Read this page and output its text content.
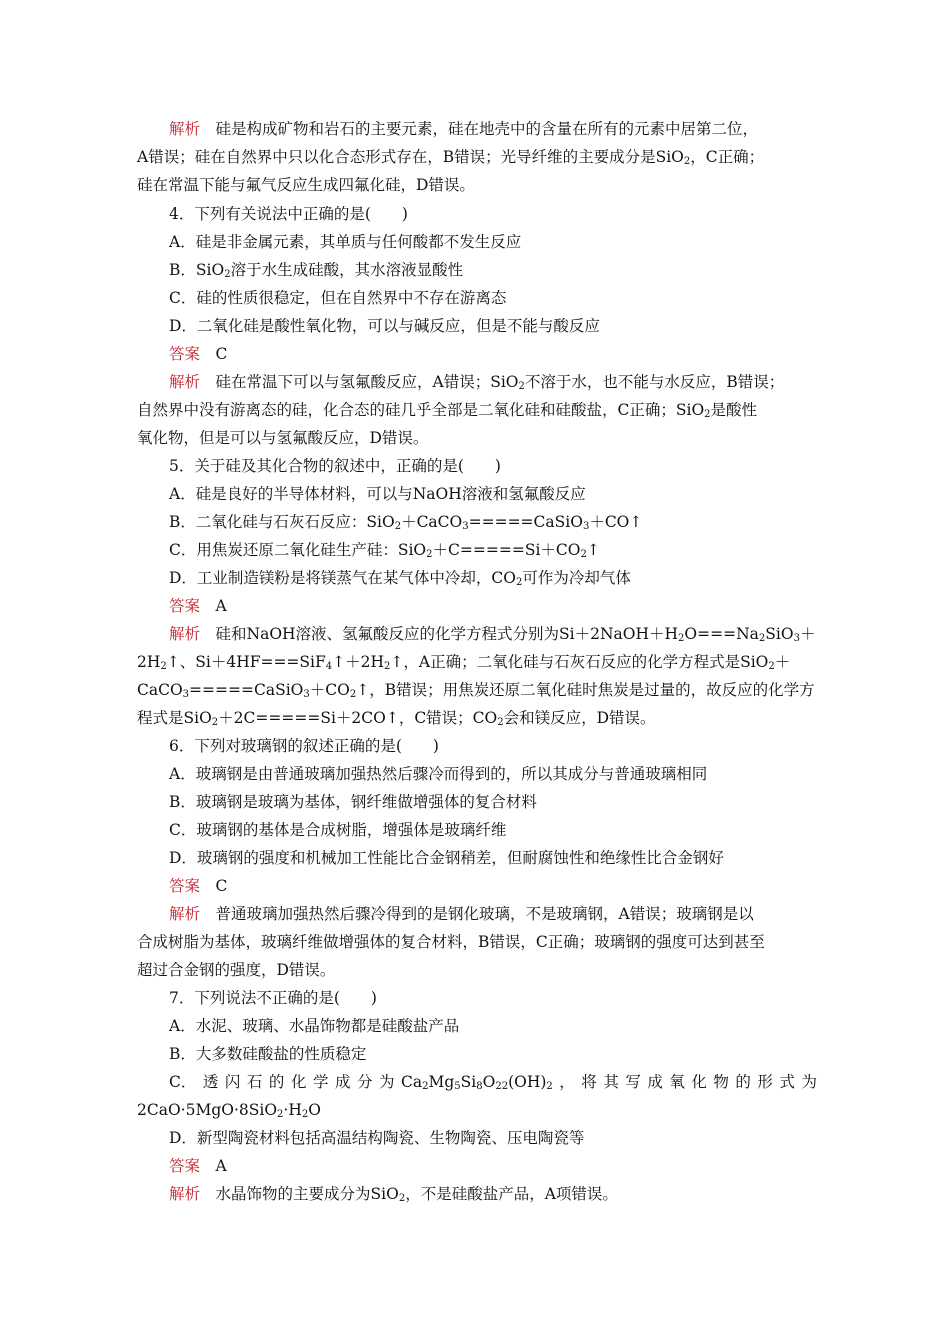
解析　 硅是构成矿物和岩石的主要元素，硅在地壳中的含量在所有的元素中居第二位，
A错误；硅在自然界中只以化合态形式存在，B错误；光导纤维的主要成分是SiO$_2$，C正确；
硅在常温下能与氟气反应生成四氟化硅，D错误。
4．下列有关说法中正确的是(　　)
A．硅是非金属元素，其单质与任何酸都不发生反应
B．SiO$_2$溶于水生成硅酸，其水溶液显酸性
C．硅的性质很稳定，但在自然界中不存在游离态
D．二氧化硅是酸性氧化物，可以与碱反应，但是不能与酸反应
答案　 C
解析　 硅在常温下可以与氢氟酸反应，A错误；SiO$_2$不溶于水，也不能与水反应，B错误；
自然界中没有游离态的硅，化合态的硅几乎全部是二氧化硅和硅酸盐，C正确；SiO$_2$是酸性
氧化物，但是可以与氢氟酸反应，D错误。
5．关于硅及其化合物的叙述中，正确的是(　　)
A．硅是良好的半导体材料，可以与NaOH溶液和氢氟酸反应
B．二氧化硅与石灰石反应：SiO$_2$＋CaCO$_3$=====CaSiO$_3$＋CO↑
C．用焦炭还原二氧化硅生产硅：$SiO_2+C=====Si+CO_2↑$
D．工业制造镁粉是将镁蒸气在某气体中冷却，$CO_2$可作为冷却气体
答案　 A
解析　 硅和NaOH溶液、氢氟酸反应的化学方程式分别为$Si+2NaOH+H_2O===Na_2SiO_3+$
$2H_2↑$、$Si+4HF===SiF_4↑+2H_2↑$，A正确；二氧化硅与石灰石反应的化学方程式是SiO$_2$＋
$CaCO_3=====CaSiO_3+CO_2↑$，B错误；用焦炭还原二氧化硅时焦炭是过量的，故反应的化学方
程式是SiO$_2$＋2C=====Si＋2CO↑，C错误；$CO_2$会和镁反应，D错误。
6．下列对玻璃钢的叙述正确的是(　　)
A．玻璃钢是由普通玻璃加强热然后骤冷而得到的，所以其成分与普通玻璃相同
B．玻璃钢是玻璃为基体，钢纤维做增强体的复合材料
C．玻璃钢的基体是合成树脂，增强体是玻璃纤维
D．玻璃钢的强度和机械加工性能比合金钢稍差，但耐腐蚀性和绝缘性比合金钢好
答案　 C
解析　 普通玻璃加强热然后骤冷得到的是钢化玻璃，不是玻璃钢，A错误；玻璃钢是以
合成树脂为基体，玻璃纤维做增强体的复合材料，B错误，C正确；玻璃钢的强度可达到甚至
超过合金钢的强度，D错误。
7．下列说法不正确的是(　　)
A．水泥、玻璃、水晶饰物都是硅酸盐产品
B．大多数硅酸盐的性质稳定
C． 透 闪 石 的 化 学 成 分 为 $Ca_2Mg_5Si_8O_{22}(OH)_2$ ， 将 其 写 成 氧 化 物 的 形 式 为
$2CaO\cdot 5MgO\cdot 8SiO_2\cdot H_2O$
D．新型陶瓷材料包括高温结构陶瓷、生物陶瓷、压电陶瓷等
答案　 A
解析　 水晶饰物的主要成分为SiO$_2$，不是硅酸盐产品，A项错误。
